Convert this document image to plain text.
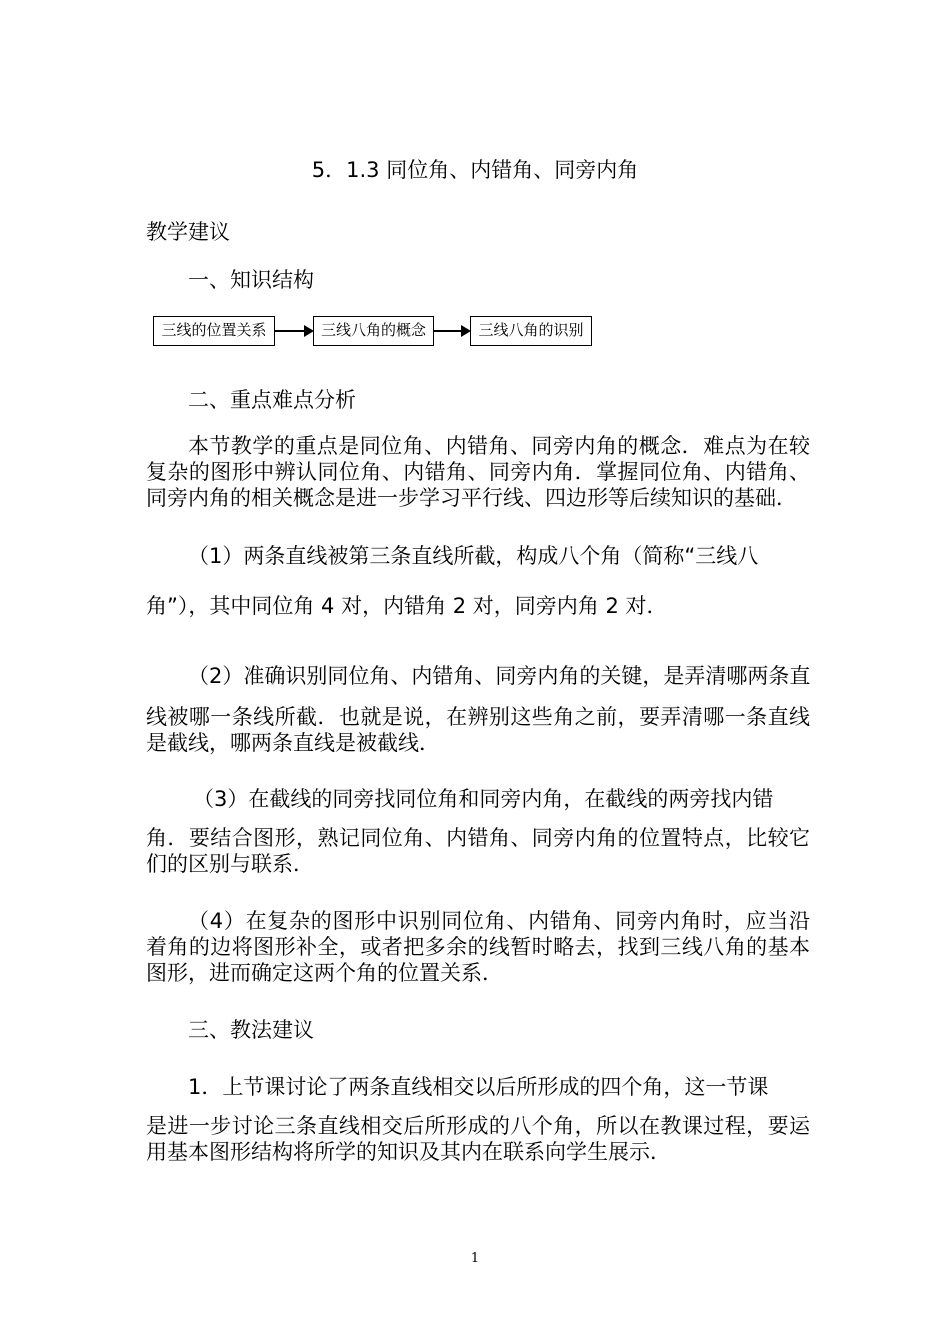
5．1.3 同位角、内错角、同旁内角
教学建议
一、知识结构
三线的位置关系	三线八角的概念	三线八角的识别
二、重点难点分析
本节教学的重点是同位角、内错角、同旁内角的概念．难点为在较复杂的图形中辨认同位角、内错角、同旁内角．掌握同位角、内错角、同旁内角的相关概念是进一步学习平行线、四边形等后续知识的基础．
（1）两条直线被第三条直线所截，构成八个角（简称“三线八
角”），其中同位角 4 对，内错角 2 对，同旁内角 2 对．
（2）准确识别同位角、内错角、同旁内角的关键，是弄清哪两条直
线被哪一条线所截．也就是说，在辨别这些角之前，要弄清哪一条直线是截线，哪两条直线是被截线．
（3）在截线的同旁找同位角和同旁内角，在截线的两旁找内错
角．要结合图形，熟记同位角、内错角、同旁内角的位置特点，比较它们的区别与联系．
（4）在复杂的图形中识别同位角、内错角、同旁内角时，应当沿着角的边将图形补全，或者把多余的线暂时略去，找到三线八角的基本图形，进而确定这两个角的位置关系．
三、教法建议
1．上节课讨论了两条直线相交以后所形成的四个角，这一节课
是进一步讨论三条直线相交后所形成的八个角，所以在教课过程，要运用基本图形结构将所学的知识及其内在联系向学生展示．
1
